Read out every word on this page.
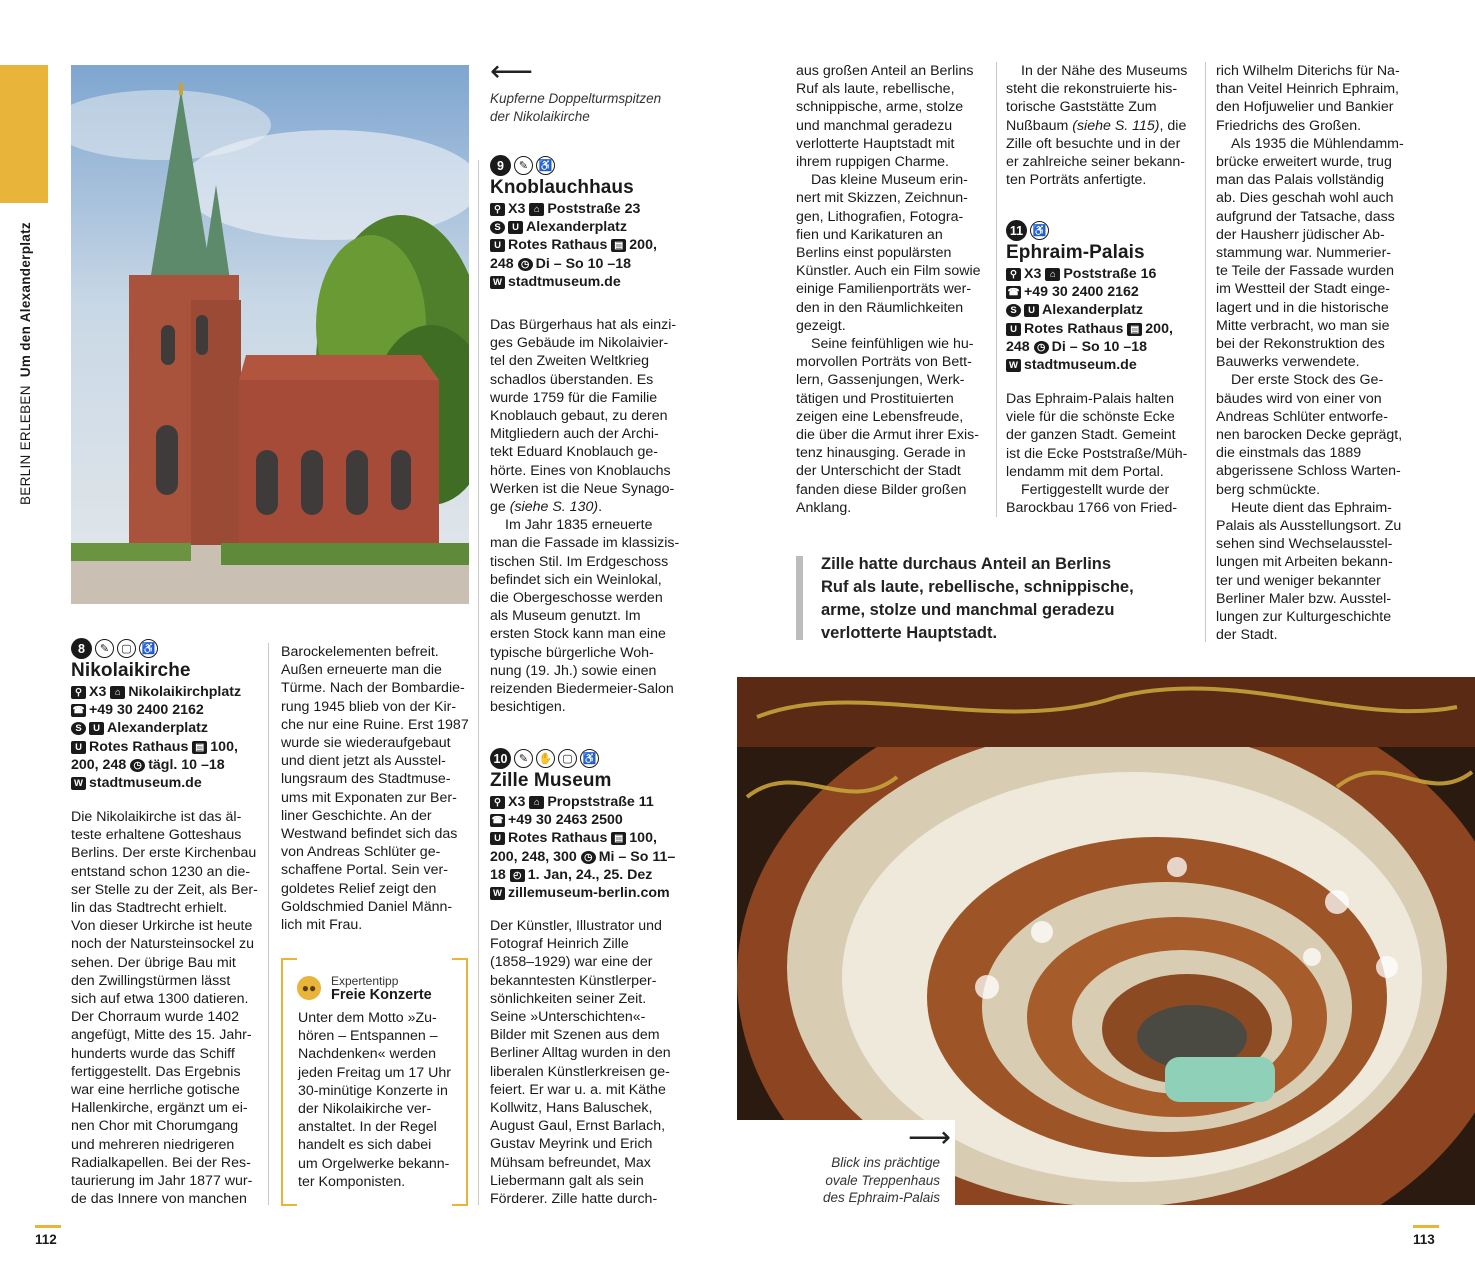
BERLIN ERLEBEN  Um den Alexanderplatz
8	✎	▢ ♿
Nikolaikirche
⚲ X3 ⌂ Nikolaikirchplatz
☎ +49 30 2400 2162
S U Alexanderplatz
U Rotes Rathaus ▤ 100,
200, 248 ◷ tägl. 10 –18
W stadtmuseum.de
Die Nikolaikirche ist das äl-
teste erhaltene Gotteshaus
Berlins. Der erste Kirchenbau
entstand schon 1230 an die-
ser Stelle zu der Zeit, als Ber-
lin das Stadtrecht erhielt.
Von dieser Urkirche ist heute
noch der Natursteinsockel zu
sehen. Der übrige Bau mit
den Zwillingstürmen lässt
sich auf etwa 1300 datieren.
Der Chorraum wurde 1402
angefügt, Mitte des 15. Jahr-
hunderts wurde das Schiff
fertiggestellt. Das Ergebnis
war eine herrliche gotische
Hallenkirche, ergänzt um ei-
nen Chor mit Chorumgang
und mehreren niedrigeren
Radialkapellen. Bei der Res-
taurierung im Jahr 1877 wur-
de das Innere von manchen
Barockelementen befreit.
Außen erneuerte man die
Türme. Nach der Bombardie-
rung 1945 blieb von der Kir-
che nur eine Ruine. Erst 1987
wurde sie wiederaufgebaut
und dient jetzt als Ausstel-
lungsraum des Stadtmuse-
ums mit Exponaten zur Ber-
liner Geschichte. An der
Westwand befindet sich das
von Andreas Schlüter ge-
schaffene Portal. Sein ver-
goldetes Relief zeigt den
Goldschmied Daniel Männ-
lich mit Frau.
●●	Expertentipp
Freie Konzerte
Unter dem Motto »Zu-
hören – Entspannen –
Nachdenken« werden
jeden Freitag um 17 Uhr
30-minütige Konzerte in
der Nikolaikirche ver-
anstaltet. In der Regel
handelt es sich dabei
um Orgelwerke bekann-
ter Komponisten.
⟵
Kupferne Doppelturmspitzen
der Nikolaikirche
9	✎ ♿
Knoblauchhaus
⚲ X3 ⌂ Poststraße 23
S U Alexanderplatz
U Rotes Rathaus ▤ 200,
248 ◷ Di – So 10 –18
W stadtmuseum.de
Das Bürgerhaus hat als einzi-
ges Gebäude im Nikolaivier-
tel den Zweiten Weltkrieg
schadlos überstanden. Es
wurde 1759 für die Familie
Knoblauch gebaut, zu deren
Mitgliedern auch der Archi-
tekt Eduard Knoblauch ge-
hörte. Eines von Knoblauchs
Werken ist die Neue Synago-
ge (siehe S. 130).
Im Jahr 1835 erneuerte
man die Fassade im klassizis-
tischen Stil. Im Erdgeschoss
befindet sich ein Weinlokal,
die Obergeschosse werden
als Museum genutzt. Im
ersten Stock kann man eine
typische bürgerliche Woh-
nung (19. Jh.) sowie einen
reizenden Biedermeier-Salon
besichtigen.
10	✎ ✋ ▢ ♿
Zille Museum
⚲ X3 ⌂ Propststraße 11
☎ +49 30 2463 2500
U Rotes Rathaus ▤ 100,
200, 248, 300 ◷ Mi – So 11–
18 ◴ 1. Jan, 24., 25. Dez
W zillemuseum-berlin.com
Der Künstler, Illustrator und
Fotograf Heinrich Zille
(1858–1929) war eine der
bekanntesten Künstlerper-
sönlichkeiten seiner Zeit.
Seine »Unterschichten«-
Bilder mit Szenen aus dem
Berliner Alltag wurden in den
liberalen Künstlerkreisen ge-
feiert. Er war u. a. mit Käthe
Kollwitz, Hans Baluschek,
August Gaul, Ernst Barlach,
Gustav Meyrink und Erich
Mühsam befreundet, Max
Liebermann galt als sein
Förderer. Zille hatte durch-
112
aus großen Anteil an Berlins
Ruf als laute, rebellische,
schnippische, arme, stolze
und manchmal geradezu
verlotterte Hauptstadt mit
ihrem ruppigen Charme.
Das kleine Museum erin-
nert mit Skizzen, Zeichnun-
gen, Lithografien, Fotogra-
fien und Karikaturen an
Berlins einst populärsten
Künstler. Auch ein Film sowie
einige Familienporträts wer-
den in den Räumlichkeiten
gezeigt.
Seine feinfühligen wie hu-
morvollen Porträts von Bett-
lern, Gassenjungen, Werk-
tätigen und Prostituierten
zeigen eine Lebensfreude,
die über die Armut ihrer Exis-
tenz hinausging. Gerade in
der Unterschicht der Stadt
fanden diese Bilder großen
Anklang.
In der Nähe des Museums
steht die rekonstruierte his-
torische Gaststätte Zum
Nußbaum (siehe S. 115), die
Zille oft besuchte und in der
er zahlreiche seiner bekann-
ten Porträts anfertigte.
11 ♿
Ephraim-Palais
⚲ X3 ⌂ Poststraße 16
☎ +49 30 2400 2162
S U Alexanderplatz
U Rotes Rathaus ▤ 200,
248 ◷ Di – So 10 –18
W stadtmuseum.de
Das Ephraim-Palais halten
viele für die schönste Ecke
der ganzen Stadt. Gemeint
ist die Ecke Poststraße/Müh-
lendamm mit dem Portal.
Fertiggestellt wurde der
Barockbau 1766 von Fried-
rich Wilhelm Diterichs für Na-
than Veitel Heinrich Ephraim,
den Hofjuwelier und Bankier
Friedrichs des Großen.
Als 1935 die Mühlendamm-
brücke erweitert wurde, trug
man das Palais vollständig
ab. Dies geschah wohl auch
aufgrund der Tatsache, dass
der Hausherr jüdischer Ab-
stammung war. Nummerier-
te Teile der Fassade wurden
im Westteil der Stadt einge-
lagert und in die historische
Mitte verbracht, wo man sie
bei der Rekonstruktion des
Bauwerks verwendete.
Der erste Stock des Ge-
bäudes wird von einer von
Andreas Schlüter entworfe-
nen barocken Decke geprägt,
die einstmals das 1889
abgerissene Schloss Warten-
berg schmückte.
Heute dient das Ephraim-
Palais als Ausstellungsort. Zu
sehen sind Wechselausstel-
lungen mit Arbeiten bekann-
ter und weniger bekannter
Berliner Maler bzw. Ausstel-
lungen zur Kulturgeschichte
der Stadt.
Zille hatte durchaus Anteil an Berlins
Ruf als laute, rebellische, schnippische,
arme, stolze und manchmal geradezu
verlotterte Hauptstadt.
⟶
Blick ins prächtige
ovale Treppenhaus
des Ephraim-Palais
113
